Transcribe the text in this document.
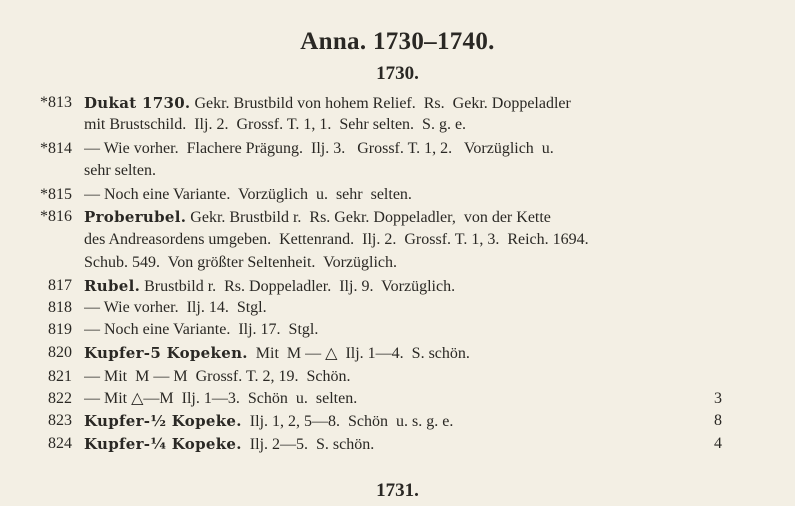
Anna. 1730–1740.
1730.
*813 Dukat 1730. Gekr. Brustbild von hohem Relief.  Rs.  Gekr. Doppeladler
mit Brustschild.  Ilj. 2.  Grossf. T. 1, 1.  Sehr selten.  S. g. e.
*814 — Wie vorher.  Flachere Prägung.  Ilj. 3.   Grossf. T. 1, 2.   Vorzüglich  u.
sehr selten.
*815 — Noch eine Variante.  Vorzüglich  u.  sehr  selten.
*816 Proberubel. Gekr. Brustbild r.  Rs. Gekr. Doppeladler,  von der Kette
des Andreasordens umgeben.  Kettenrand.  Ilj. 2.  Grossf. T. 1, 3.  Reich. 1694.
Schub. 549.  Von größter Seltenheit.  Vorzüglich.
817 Rubel. Brustbild r.  Rs. Doppeladler.  Ilj. 9.  Vorzüglich.
818 — Wie vorher.  Ilj. 14.  Stgl.
819 — Noch eine Variante.  Ilj. 17.  Stgl.
820 Kupfer-5 Kopeken.  Mit  M — △  Ilj. 1—4.  S. schön.
821 — Mit  M — M  Grossf. T. 2, 19.  Schön.
822 — Mit △—M  Ilj. 1—3.  Schön  u.  selten.	3
823 Kupfer-½ Kopeke.  Ilj. 1, 2, 5—8.  Schön  u. s. g. e.	8
824 Kupfer-¼ Kopeke.  Ilj. 2—5.  S. schön.	4
1731.
